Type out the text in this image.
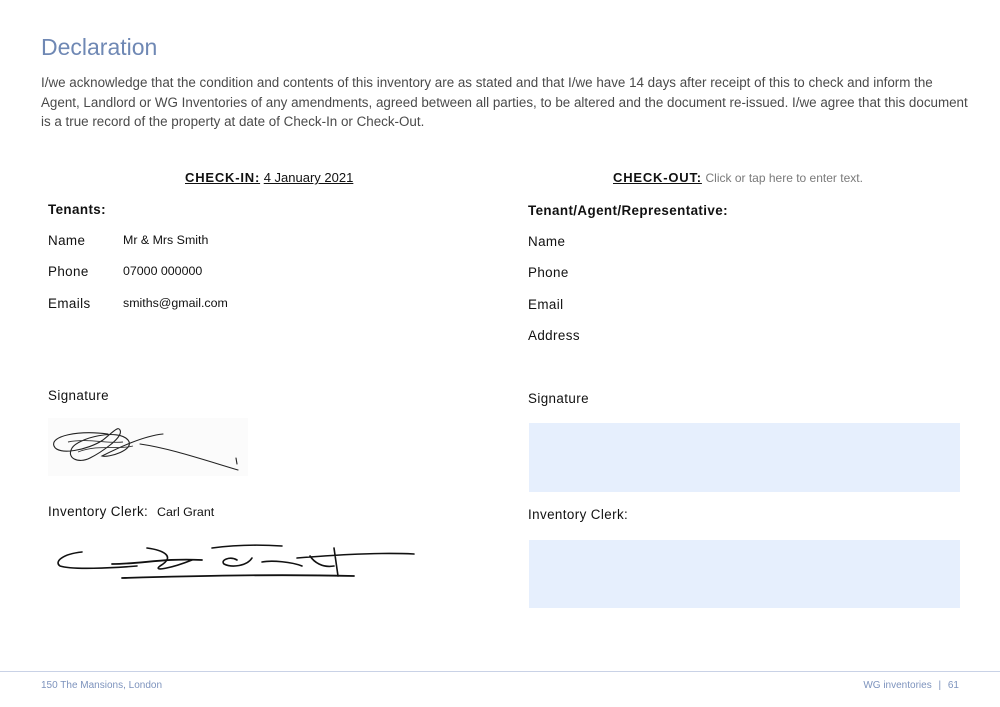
Declaration

I/we acknowledge that the condition and contents of this inventory are as stated and that I/we have 14 days after receipt of this to check and inform the Agent, Landlord or WG Inventories of any amendments, agreed between all parties, to be altered and the document re-issued. I/we agree that this document is a true record of the property at date of Check-In or Check-Out.

CHECK-IN: 4 January 2021
Tenants:
Name	Mr & Mrs Smith
Phone	07000 000000
Emails	smiths@gmail.com
Signature
Inventory Clerk: Carl Grant
CHECK-OUT: Click or tap here to enter text.
Tenant/Agent/Representative:
Name
Phone
Email
Address
Signature
Inventory Clerk:
150 The Mansions, London	WG inventories | 61
